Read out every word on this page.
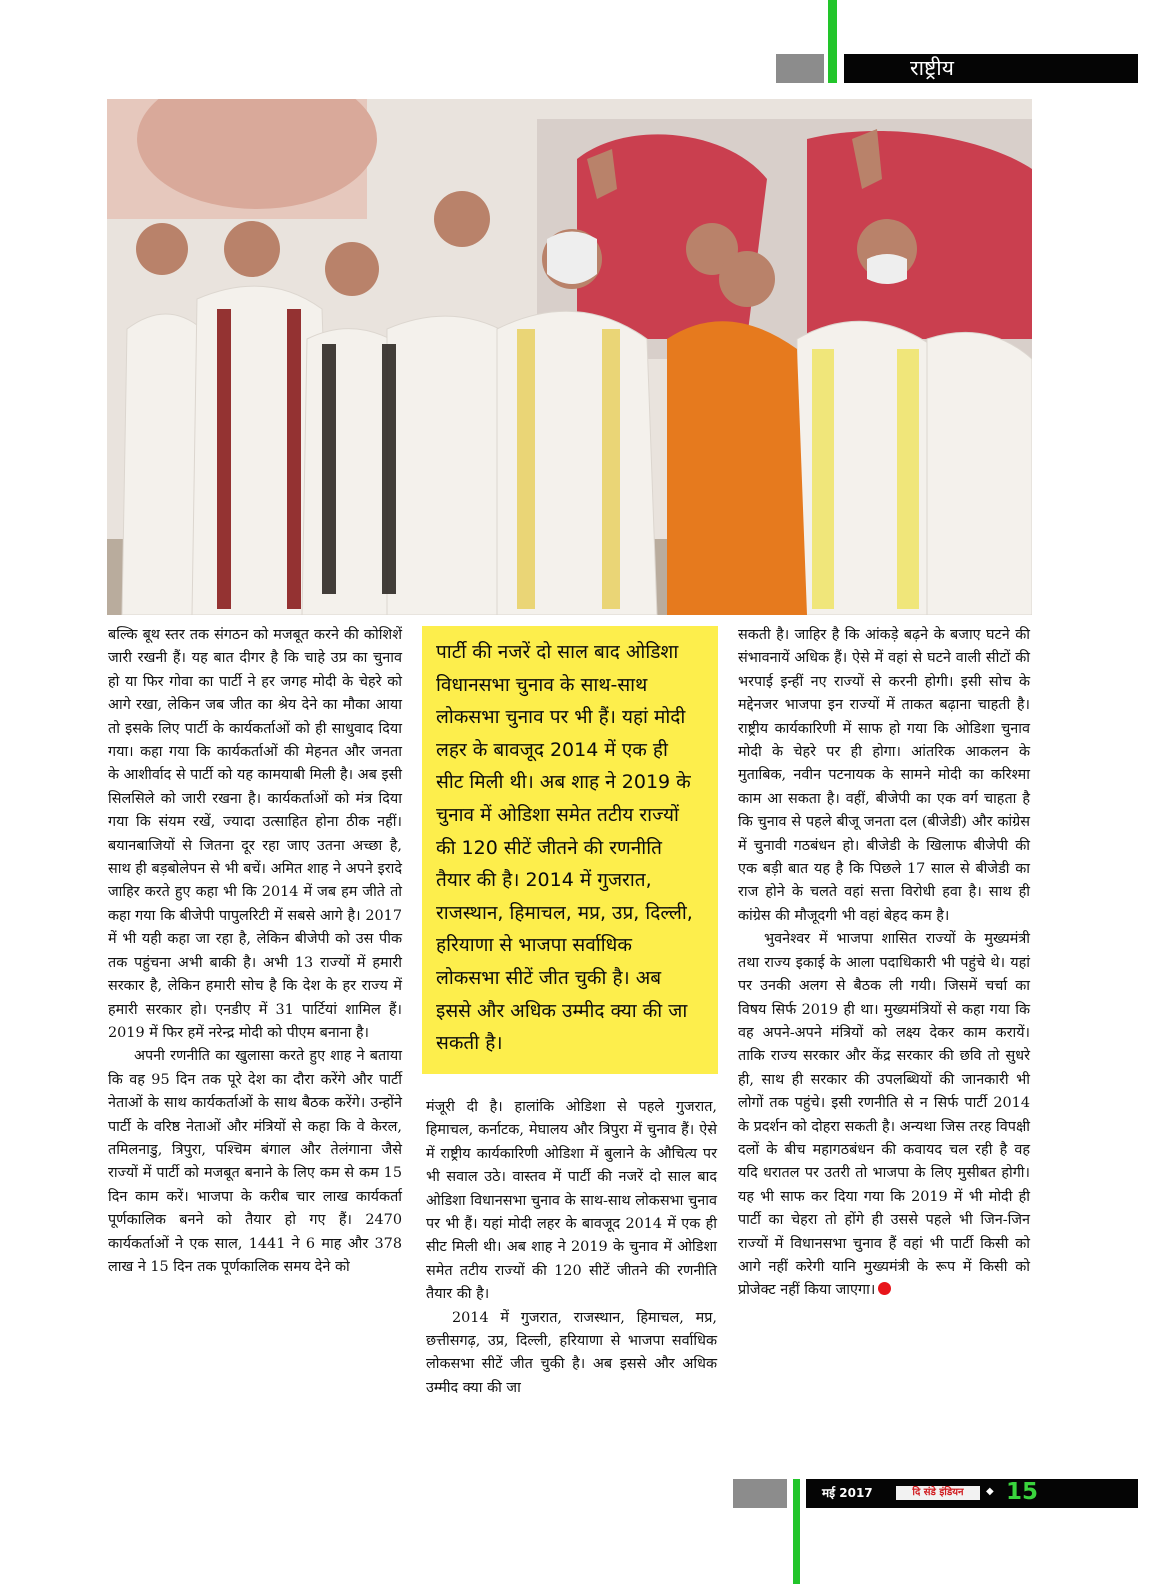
राष्ट्रीय

बल्कि बूथ स्तर तक संगठन को मजबूत करने की कोशिशें जारी रखनी हैं। यह बात दीगर है कि चाहे उप्र का चुनाव हो या फिर गोवा का पार्टी ने हर जगह मोदी के चेहरे को आगे रखा, लेकिन जब जीत का श्रेय देने का मौका आया तो इसके लिए पार्टी के कार्यकर्ताओं को ही साधुवाद दिया गया। कहा गया कि कार्यकर्ताओं की मेहनत और जनता के आशीर्वाद से पार्टी को यह कामयाबी मिली है। अब इसी सिलसिले को जारी रखना है। कार्यकर्ताओं को मंत्र दिया गया कि संयम रखें, ज्यादा उत्साहित होना ठीक नहीं। बयानबाजियों से जितना दूर रहा जाए उतना अच्छा है, साथ ही बड़बोलेपन से भी बचें। अमित शाह ने अपने इरादे जाहिर करते हुए कहा भी कि 2014 में जब हम जीते तो कहा गया कि बीजेपी पापुलरिटी में सबसे आगे है। 2017 में भी यही कहा जा रहा है, लेकिन बीजेपी को उस पीक तक पहुंचना अभी बाकी है। अभी 13 राज्यों में हमारी सरकार है, लेकिन हमारी सोच है कि देश के हर राज्य में हमारी सरकार हो। एनडीए में 31 पार्टियां शामिल हैं। 2019 में फिर हमें नरेन्द्र मोदी को पीएम बनाना है।

अपनी रणनीति का खुलासा करते हुए शाह ने बताया कि वह 95 दिन तक पूरे देश का दौरा करेंगे और पार्टी नेताओं के साथ कार्यकर्ताओं के साथ बैठक करेंगे। उन्होंने पार्टी के वरिष्ठ नेताओं और मंत्रियों से कहा कि वे केरल, तमिलनाडु, त्रिपुरा, पश्चिम बंगाल और तेलंगाना जैसे राज्यों में पार्टी को मजबूत बनाने के लिए कम से कम 15 दिन काम करें। भाजपा के करीब चार लाख कार्यकर्ता पूर्णकालिक बनने को तैयार हो गए हैं। 2470 कार्यकर्ताओं ने एक साल, 1441 ने 6 माह और 378 लाख ने 15 दिन तक पूर्णकालिक समय देने को

पार्टी की नजरें दो साल बाद ओडिशा विधानसभा चुनाव के साथ-साथ लोकसभा चुनाव पर भी हैं। यहां मोदी लहर के बावजूद 2014 में एक ही सीट मिली थी। अब शाह ने 2019 के चुनाव में ओडिशा समेत तटीय राज्यों की 120 सीटें जीतने की रणनीति तैयार की है। 2014 में गुजरात, राजस्थान, हिमाचल, मप्र, उप्र, दिल्ली, हरियाणा से भाजपा सर्वाधिक लोकसभा सीटें जीत चुकी है। अब इससे और अधिक उम्मीद क्या की जा सकती है।

मंजूरी दी है। हालांकि ओडिशा से पहले गुजरात, हिमाचल, कर्नाटक, मेघालय और त्रिपुरा में चुनाव हैं। ऐसे में राष्ट्रीय कार्यकारिणी ओडिशा में बुलाने के औचित्य पर भी सवाल उठे। वास्तव में पार्टी की नजरें दो साल बाद ओडिशा विधानसभा चुनाव के साथ-साथ लोकसभा चुनाव पर भी हैं। यहां मोदी लहर के बावजूद 2014 में एक ही सीट मिली थी। अब शाह ने 2019 के चुनाव में ओडिशा समेत तटीय राज्यों की 120 सीटें जीतने की रणनीति तैयार की है।

2014 में गुजरात, राजस्थान, हिमाचल, मप्र, छत्तीसगढ़, उप्र, दिल्ली, हरियाणा से भाजपा सर्वाधिक लोकसभा सीटें जीत चुकी है। अब इससे और अधिक उम्मीद क्या की जा

सकती है। जाहिर है कि आंकड़े बढ़ने के बजाए घटने की संभावनायें अधिक हैं। ऐसे में वहां से घटने वाली सीटों की भरपाई इन्हीं नए राज्यों से करनी होगी। इसी सोच के मद्देनजर भाजपा इन राज्यों में ताकत बढ़ाना चाहती है। राष्ट्रीय कार्यकारिणी में साफ हो गया कि ओडिशा चुनाव मोदी के चेहरे पर ही होगा। आंतरिक आकलन के मुताबिक, नवीन पटनायक के सामने मोदी का करिश्मा काम आ सकता है। वहीं, बीजेपी का एक वर्ग चाहता है कि चुनाव से पहले बीजू जनता दल (बीजेडी) और कांग्रेस में चुनावी गठबंधन हो। बीजेडी के खिलाफ बीजेपी की एक बड़ी बात यह है कि पिछले 17 साल से बीजेडी का राज होने के चलते वहां सत्ता विरोधी हवा है। साथ ही कांग्रेस की मौजूदगी भी वहां बेहद कम है।

भुवनेश्वर में भाजपा शासित राज्यों के मुख्यमंत्री तथा राज्य इकाई के आला पदाधिकारी भी पहुंचे थे। यहां पर उनकी अलग से बैठक ली गयी। जिसमें चर्चा का विषय सिर्फ 2019 ही था। मुख्यमंत्रियों से कहा गया कि वह अपने-अपने मंत्रियों को लक्ष्य देकर काम करायें। ताकि राज्य सरकार और केंद्र सरकार की छवि तो सुधरे ही, साथ ही सरकार की उपलब्धियों की जानकारी भी लोगों तक पहुंचे। इसी रणनीति से न सिर्फ पार्टी 2014 के प्रदर्शन को दोहरा सकती है। अन्यथा जिस तरह विपक्षी दलों के बीच महागठबंधन की कवायद चल रही है वह यदि धरातल पर उतरी तो भाजपा के लिए मुसीबत होगी। यह भी साफ कर दिया गया कि 2019 में भी मोदी ही पार्टी का चेहरा तो होंगे ही उससे पहले भी जिन-जिन राज्यों में विधानसभा चुनाव हैं वहां भी पार्टी किसी को आगे नहीं करेगी यानि मुख्यमंत्री के रूप में किसी को प्रोजेक्ट नहीं किया जाएगा।

मई 2017	दि संडे इंडियन	◆ 15
